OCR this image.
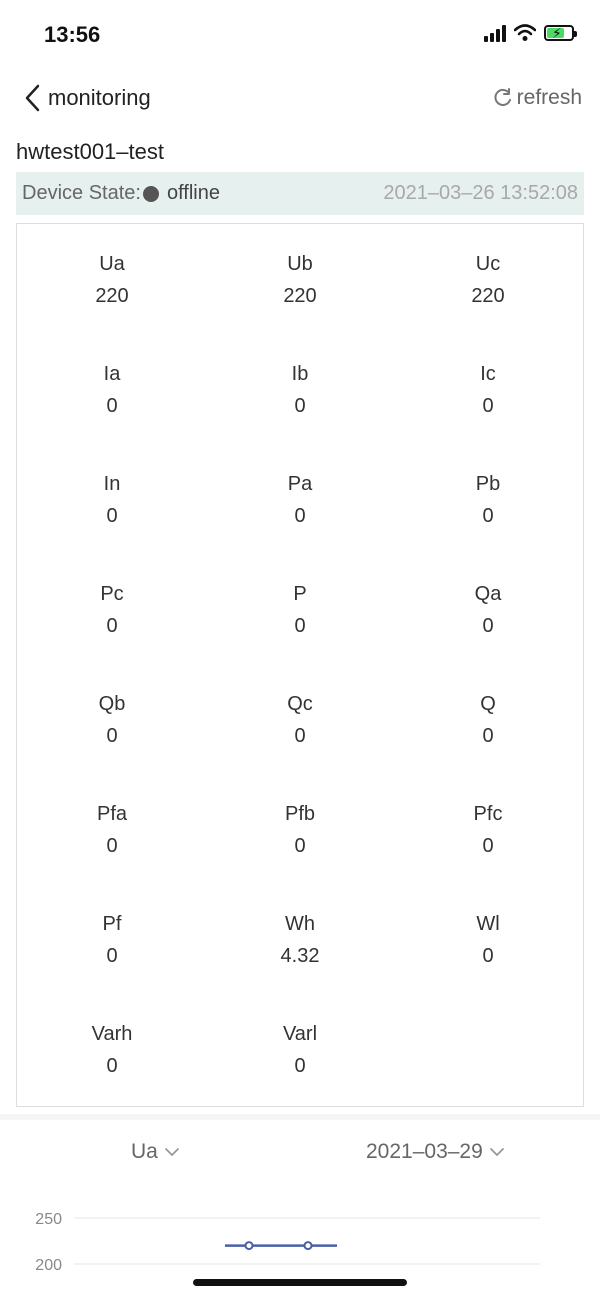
13:56	⚡
monitoring	refresh
hwtest001–test
Device State: offline	2021–03–26 13:52:08
Ua
220
Ub
220
Uc
220
Ia
0
Ib
0
Ic
0
In
0
Pa
0
Pb
0
Pc
0
P
0
Qa
0
Qb
0
Qc
0
Q
0
Pfa
0
Pfb
0
Pfc
0
Pf
0
Wh
4.32
Wl
0
Varh
0
Varl
0
Ua	2021–03–29
250
200
